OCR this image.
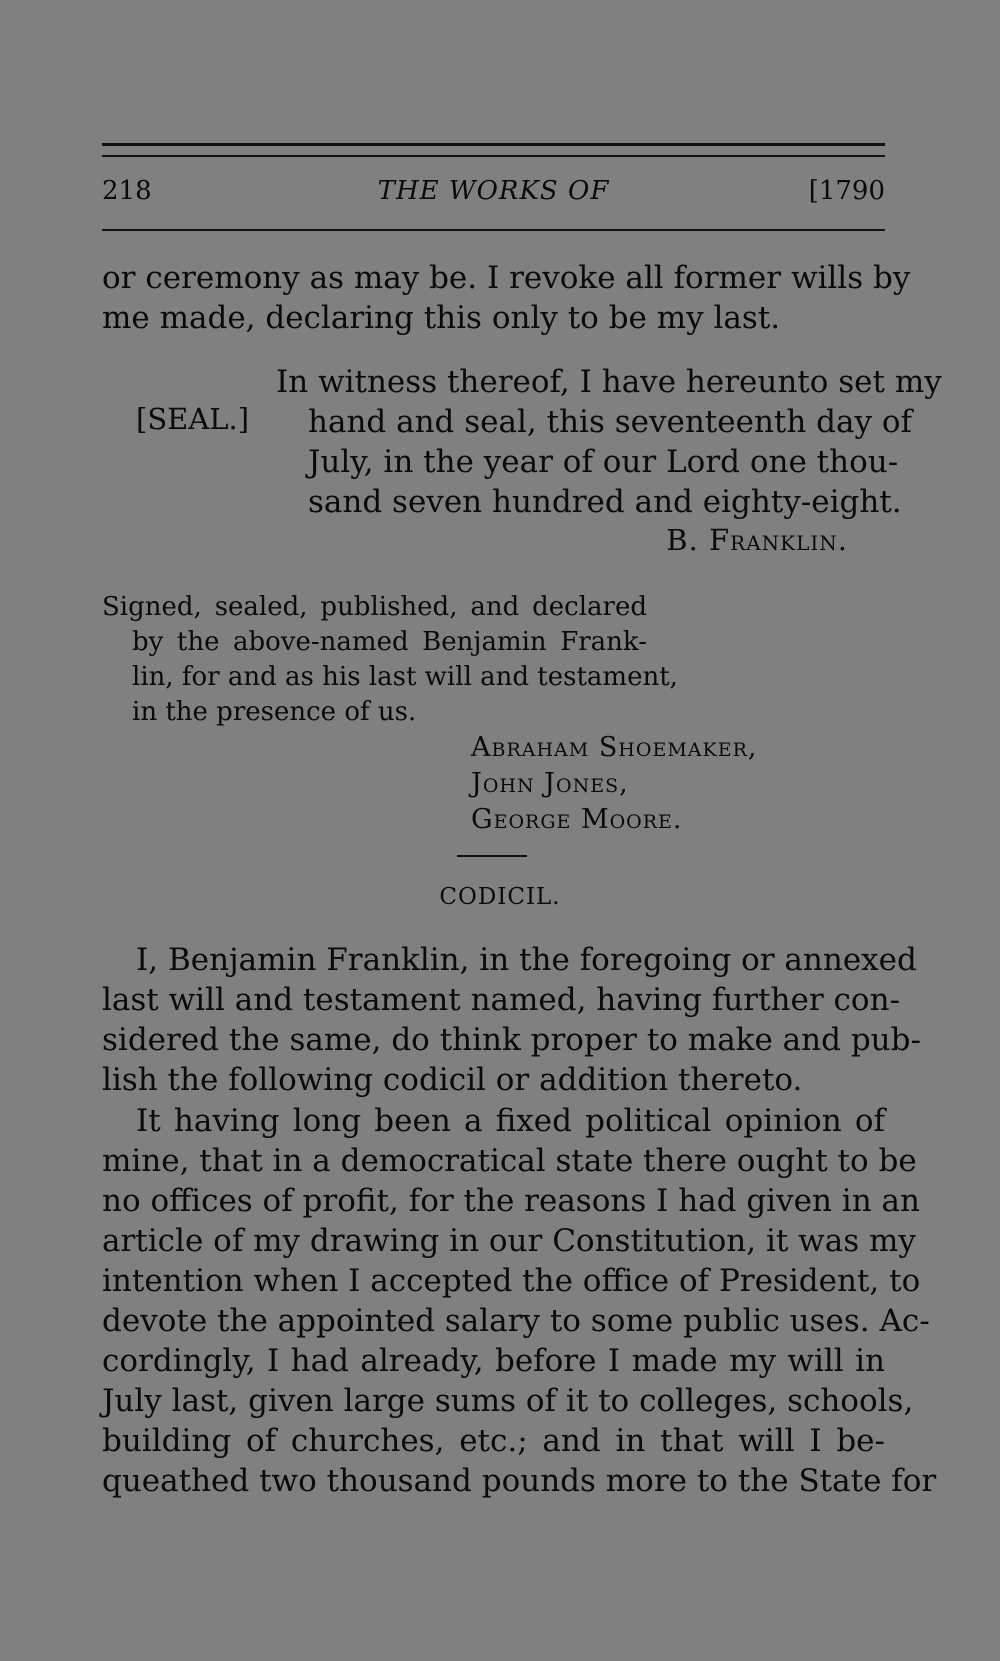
218	THE WORKS OF	[1790
or ceremony as may be. I revoke all former wills by
me made, declaring this only to be my last.
[SEAL.]
In witness thereof, I have hereunto set my
hand and seal, this seventeenth day of
July, in the year of our Lord one thou-
sand seven hundred and eighty-eight.
B. Franklin.
Signed, sealed, published, and declared
by the above-named Benjamin Frank-
lin, for and as his last will and testament,
in the presence of us.
Abraham Shoemaker,
John Jones,
George Moore.
CODICIL.
I, Benjamin Franklin, in the foregoing or annexed
last will and testament named, having further con-
sidered the same, do think proper to make and pub-
lish the following codicil or addition thereto.
It having long been a fixed political opinion of
mine, that in a democratical state there ought to be
no offices of profit, for the reasons I had given in an
article of my drawing in our Constitution, it was my
intention when I accepted the office of President, to
devote the appointed salary to some public uses. Ac-
cordingly, I had already, before I made my will in
July last, given large sums of it to colleges, schools,
building of churches, etc.; and in that will I be-
queathed two thousand pounds more to the State for
